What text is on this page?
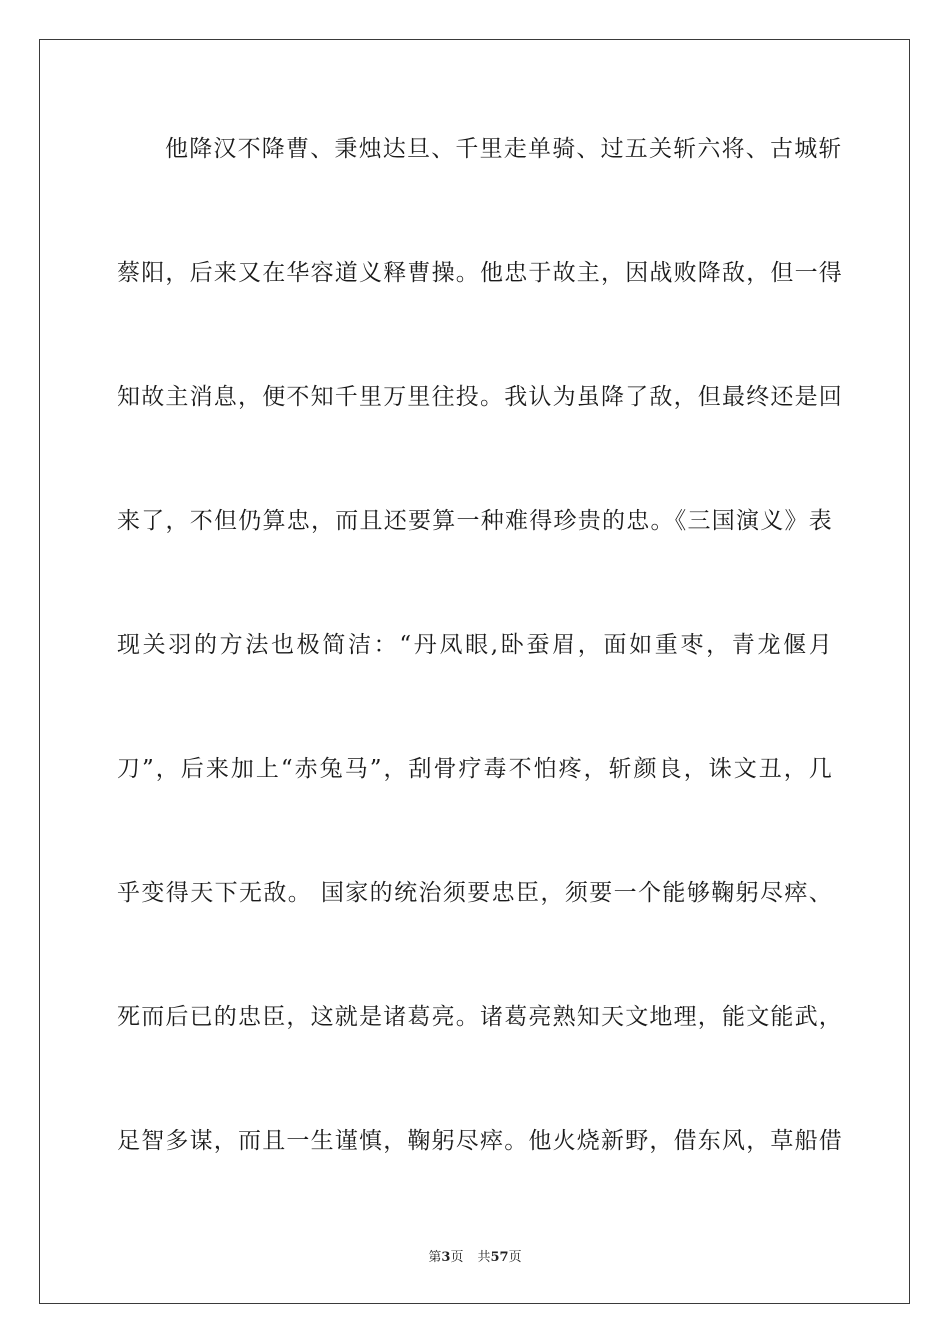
他降汉不降曹、秉烛达旦、千里走单骑、过五关斩六将、古城斩
蔡阳，后来又在华容道义释曹操。他忠于故主，因战败降敌，但一得
知故主消息，便不知千里万里往投。我认为虽降了敌，但最终还是回
来了，不但仍算忠，而且还要算一种难得珍贵的忠。《三国演义》表
现关羽的方法也极简洁：“丹凤眼,卧蚕眉，面如重枣，青龙偃月
刀”，后来加上“赤兔马”，刮骨疗毒不怕疼，斩颜良，诛文丑，几
乎变得天下无敌。 国家的统治须要忠臣，须要一个能够鞠躬尽瘁、
死而后已的忠臣，这就是诸葛亮。诸葛亮熟知天文地理，能文能武，
足智多谋，而且一生谨慎，鞠躬尽瘁。他火烧新野，借东风，草船借
第3页 共57页
